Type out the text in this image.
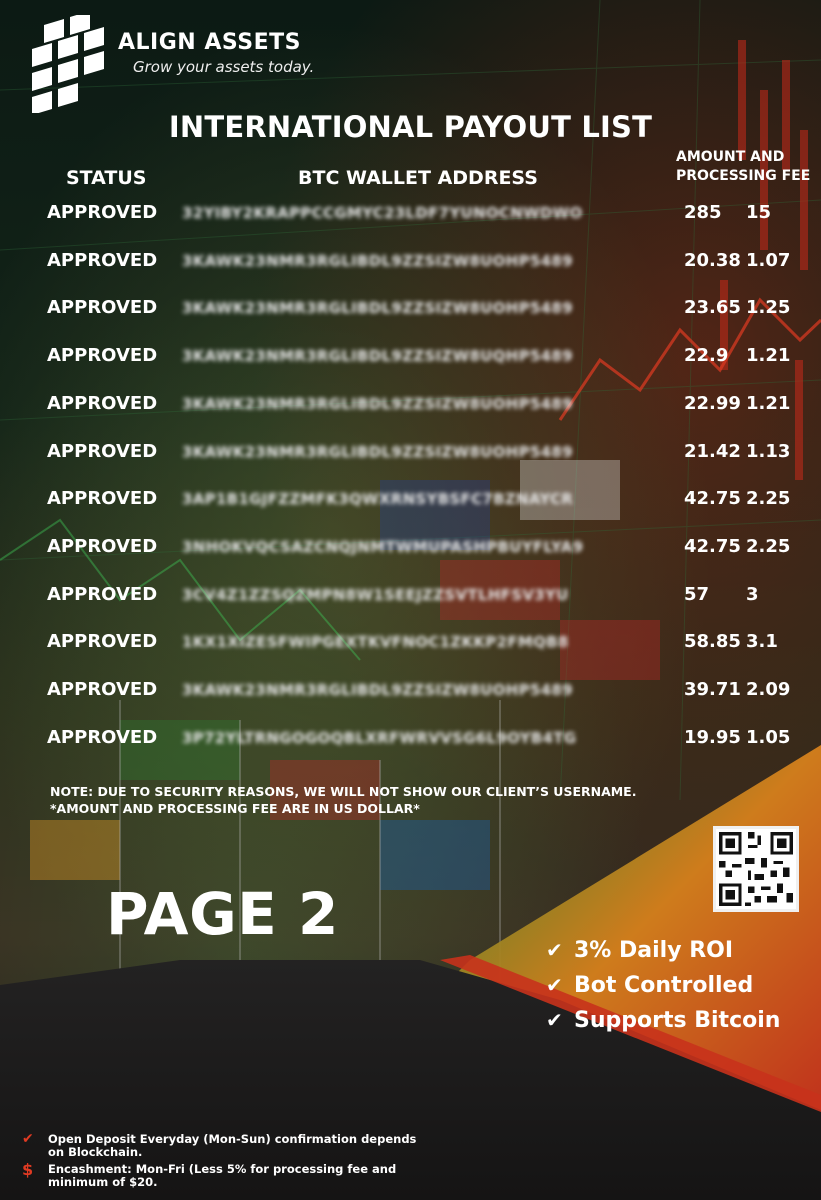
ALIGN ASSETS
Grow your assets today.
INTERNATIONAL PAYOUT LIST
STATUS	BTC WALLET ADDRESS
AMOUNT AND
PROCESSING FEE
APPROVED 32YIBY2KRAPPCCGMYC23LDF7YUNOCNWDWO	285 15
APPROVED 3KAWK23NMR3RGLIBDL9ZZSIZW8UOHP5489	20.38 1.07
APPROVED 3KAWK23NMR3RGLIBDL9ZZSIZW8UOHP5489	23.65 1.25
APPROVED 3KAWK23NMR3RGLIBDL9ZZSIZW8UQHP5489	22.9 1.21
APPROVED 3KAWK23NMR3RGLIBDL9ZZSIZW8UOHP5489	22.99 1.21
APPROVED 3KAWK23NMR3RGLIBDL9ZZSIZW8UOHP5489	21.42 1.13
APPROVED 3AP1B1GJFZZMFK3QWXRNSYBSFC7BZNAYCR	42.75 2.25
APPROVED 3NHOKVQCSAZCNQJNMTWMUPASHPBUYFLYA9	42.75 2.25
APPROVED 3CV4Z1ZZSQZMPN8W1SEEJZZSVTLHFSV3YU	57 3
APPROVED 1KX1XIZESFWIPGEXTKVFNOC1ZKKP2FMQB8	58.85 3.1
APPROVED 3KAWK23NMR3RGLIBDL9ZZSIZW8UOHP5489	39.71 2.09
APPROVED 3P72YLTRNGOGOQBLXRFWRVVSG6L9OYB4TG	19.95 1.05
NOTE: DUE TO SECURITY REASONS, WE WILL NOT SHOW OUR CLIENT’S USERNAME.
*AMOUNT AND PROCESSING FEE ARE IN US DOLLAR*
PAGE 2
✔ 3% Daily ROI
✔ Bot Controlled
✔ Supports Bitcoin
✔	Open Deposit Everyday (Mon-Sun) confirmation depends on Blockchain.
$	Encashment: Mon-Fri (Less 5% for processing fee and minimum of $20.
